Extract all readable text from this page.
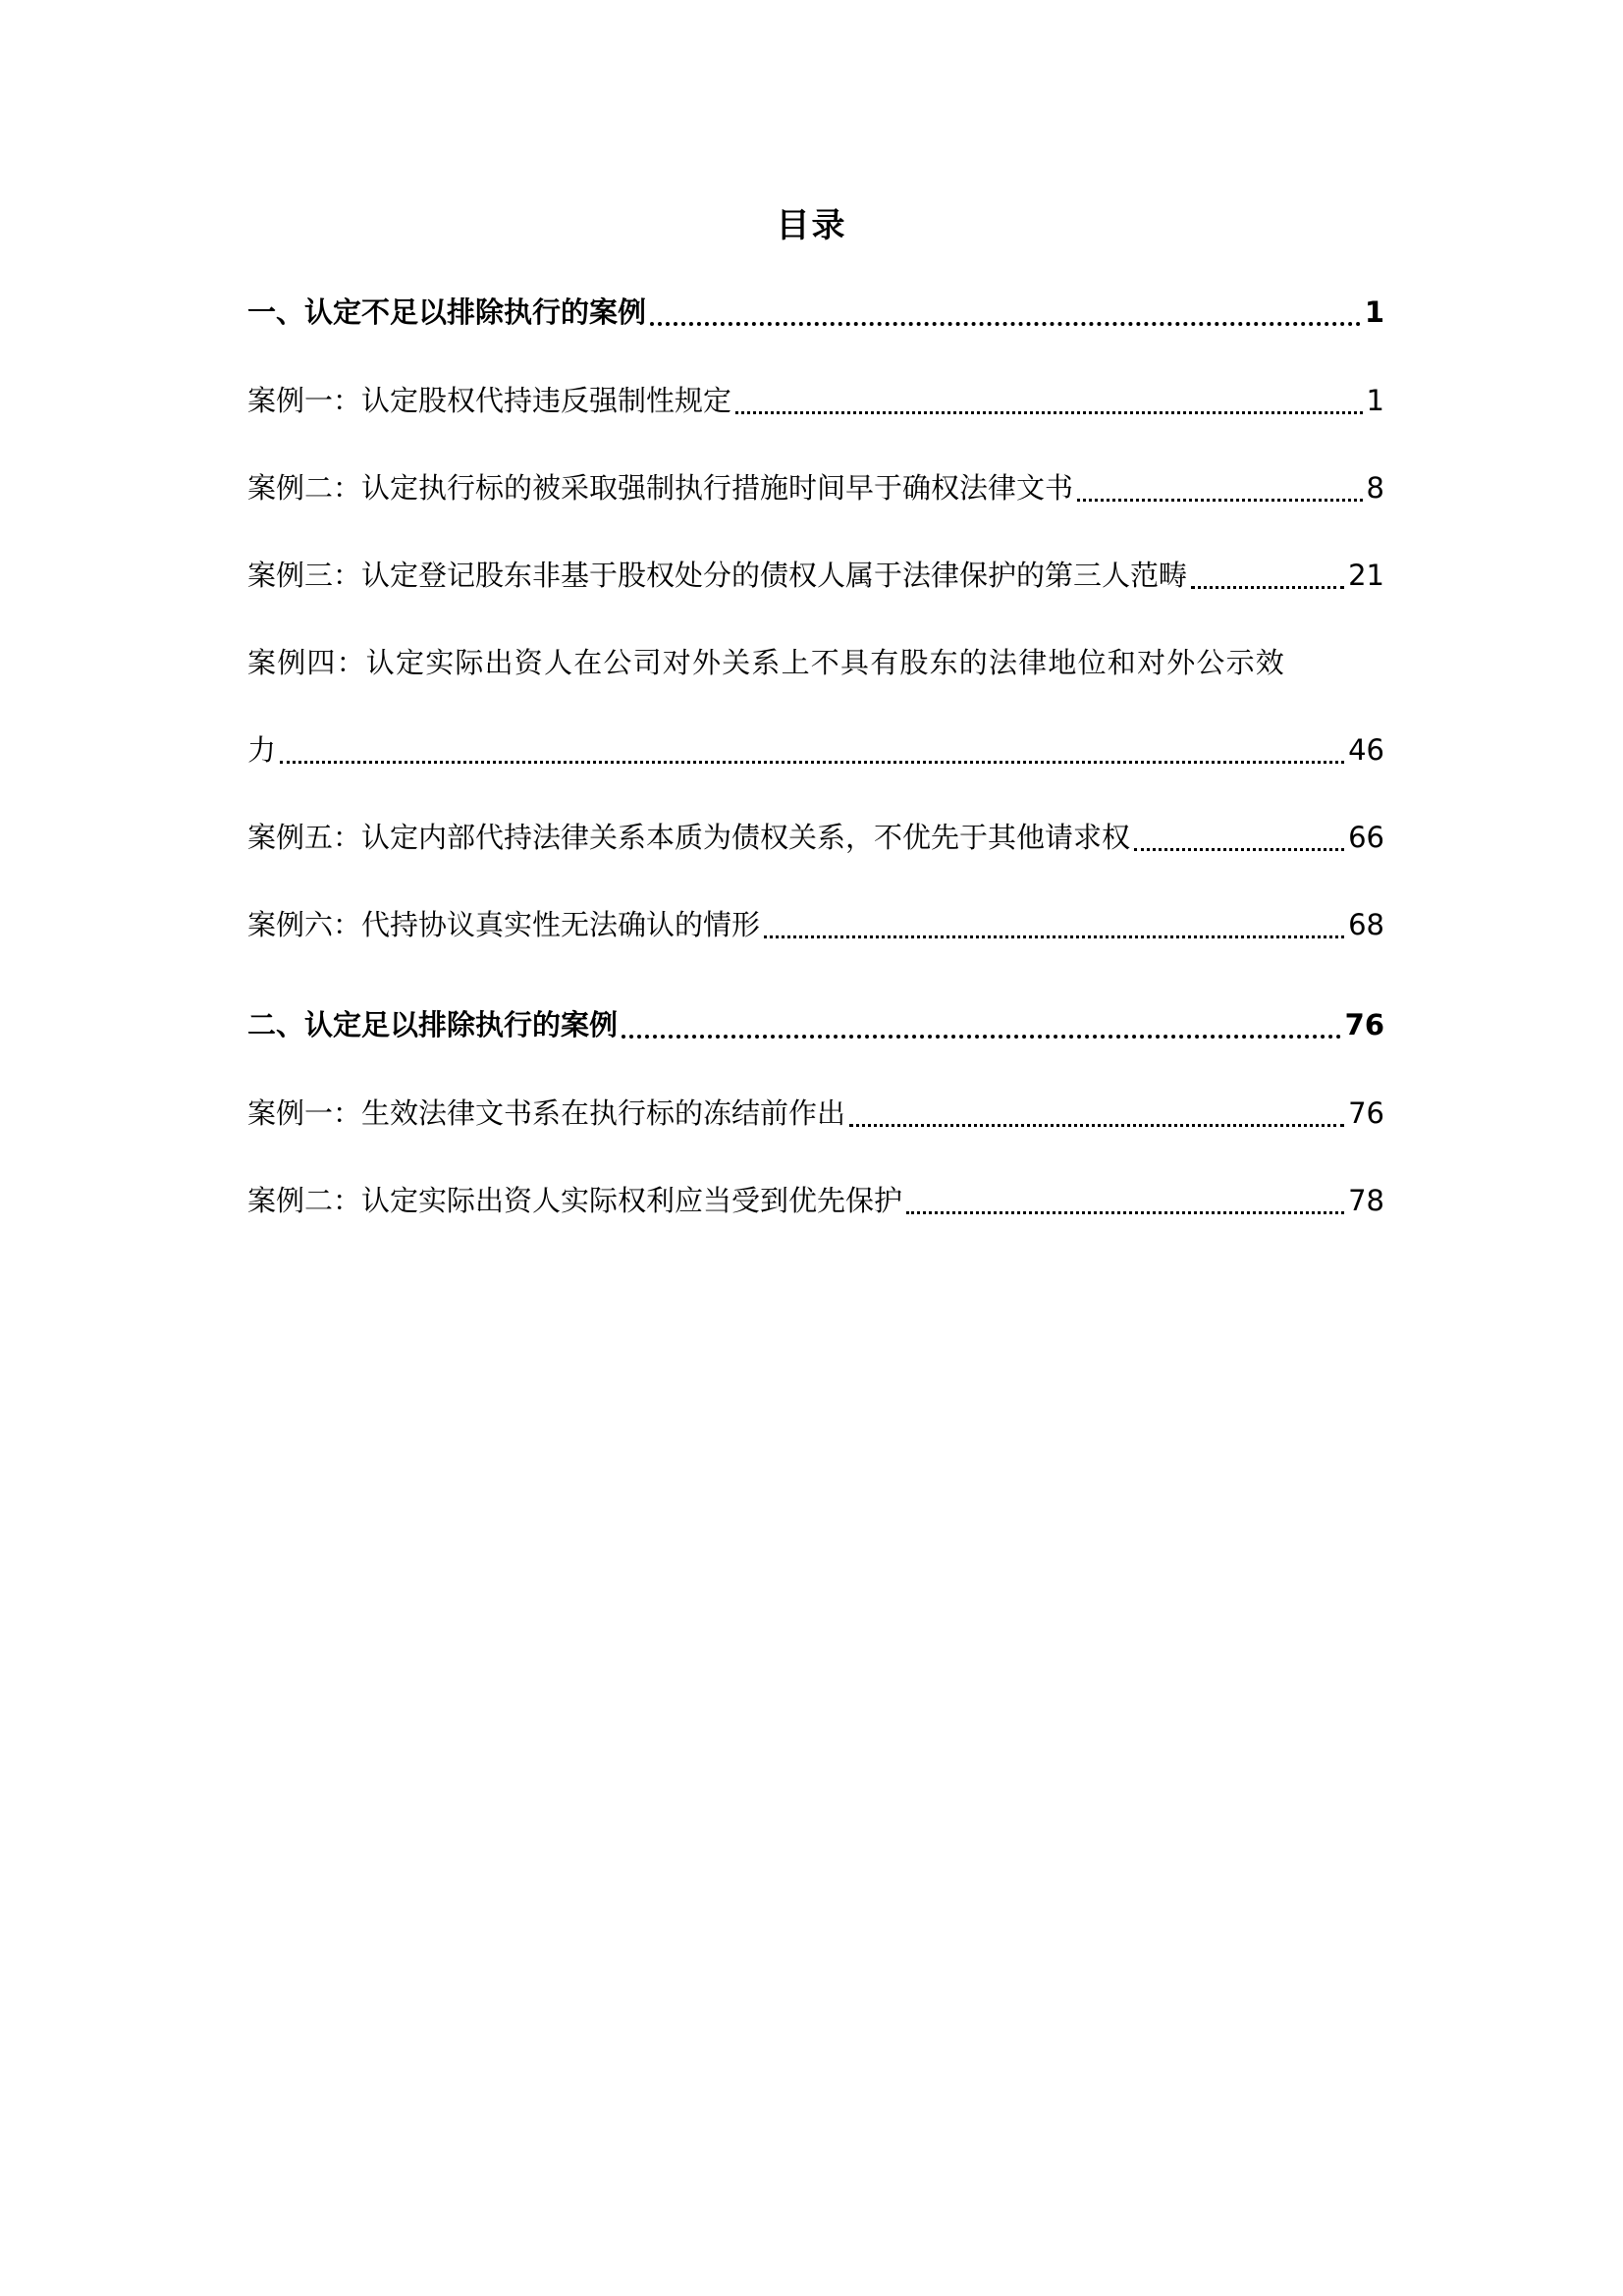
目录
一、认定不足以排除执行的案例	1
案例一：认定股权代持违反强制性规定	1
案例二：认定执行标的被采取强制执行措施时间早于确权法律文书	8
案例三：认定登记股东非基于股权处分的债权人属于法律保护的第三人范畴	21
案例四：认定实际出资人在公司对外关系上不具有股东的法律地位和对外公示效
力	46
案例五：认定内部代持法律关系本质为债权关系，不优先于其他请求权	66
案例六：代持协议真实性无法确认的情形	68
二、认定足以排除执行的案例	76
案例一：生效法律文书系在执行标的冻结前作出	76
案例二：认定实际出资人实际权利应当受到优先保护	78
